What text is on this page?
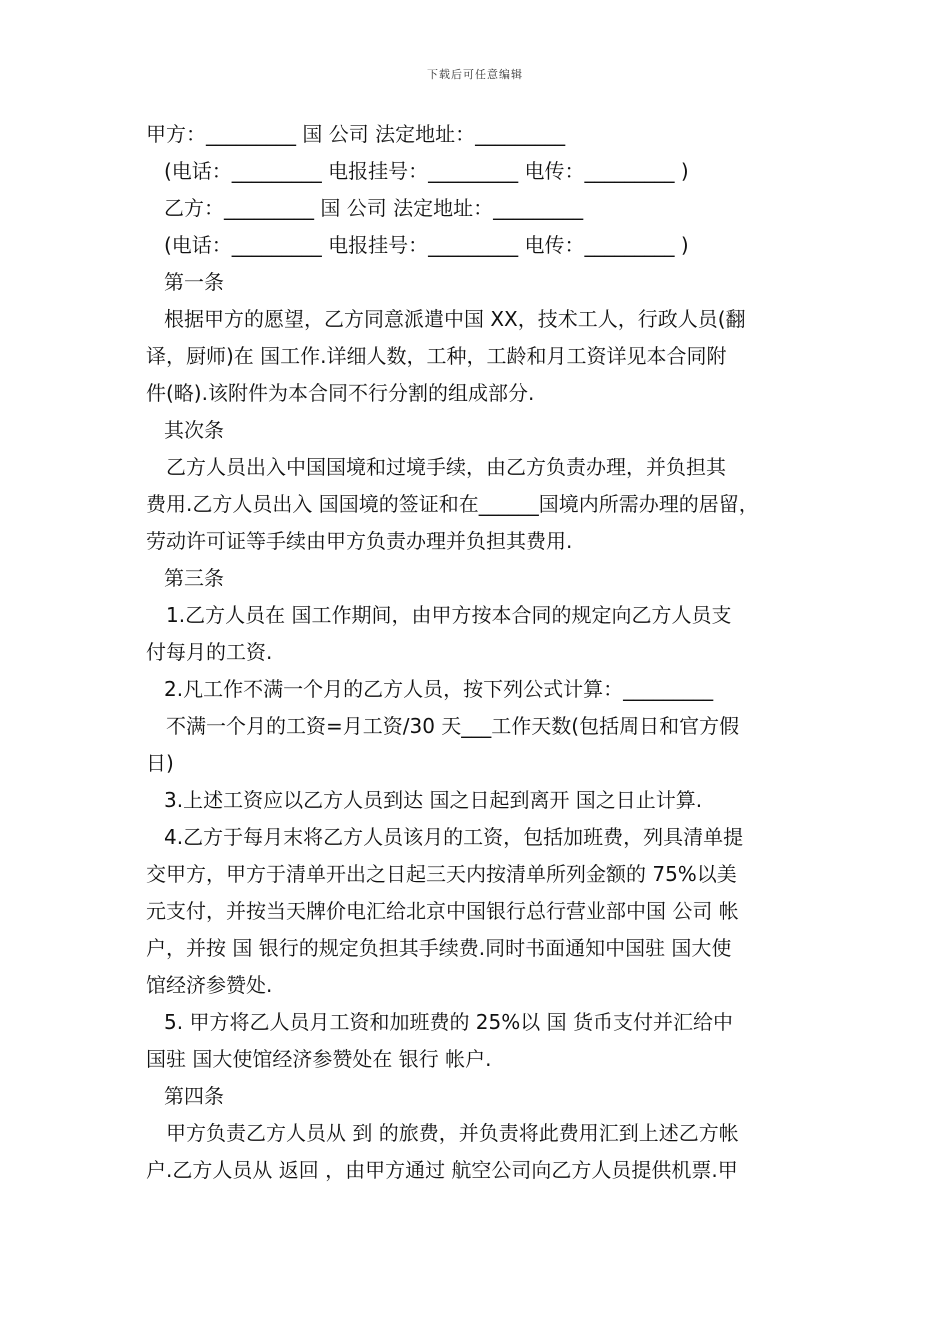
下载后可任意编辑
甲方：_________ 国 公司 法定地址：_________
(电话：_________ 电报挂号：_________ 电传：_________ )
乙方：_________ 国 公司 法定地址：_________
(电话：_________ 电报挂号：_________ 电传：_________ )
第一条
根据甲方的愿望，乙方同意派遣中国 XX，技术工人，行政人员(翻
译，厨师)在 国工作.详细人数，工种，工龄和月工资详见本合同附
件(略).该附件为本合同不行分割的组成部分.
其次条
乙方人员出入中国国境和过境手续，由乙方负责办理，并负担其
费用.乙方人员出入 国国境的签证和在______国境内所需办理的居留，
劳动许可证等手续由甲方负责办理并负担其费用.
第三条
1.乙方人员在 国工作期间，由甲方按本合同的规定向乙方人员支
付每月的工资.
2.凡工作不满一个月的乙方人员，按下列公式计算：_________
不满一个月的工资=月工资/30 天___工作天数(包括周日和官方假
日)
3.上述工资应以乙方人员到达 国之日起到离开 国之日止计算.
4.乙方于每月末将乙方人员该月的工资，包括加班费，列具清单提
交甲方，甲方于清单开出之日起三天内按清单所列金额的 75%以美
元支付，并按当天牌价电汇给北京中国银行总行营业部中国 公司 帐
户，并按 国 银行的规定负担其手续费.同时书面通知中国驻 国大使
馆经济参赞处.
5. 甲方将乙人员月工资和加班费的 25%以 国 货币支付并汇给中
国驻 国大使馆经济参赞处在 银行 帐户.
第四条
甲方负责乙方人员从 到 的旅费，并负责将此费用汇到上述乙方帐
户.乙方人员从 返回 ，由甲方通过 航空公司向乙方人员提供机票.甲
